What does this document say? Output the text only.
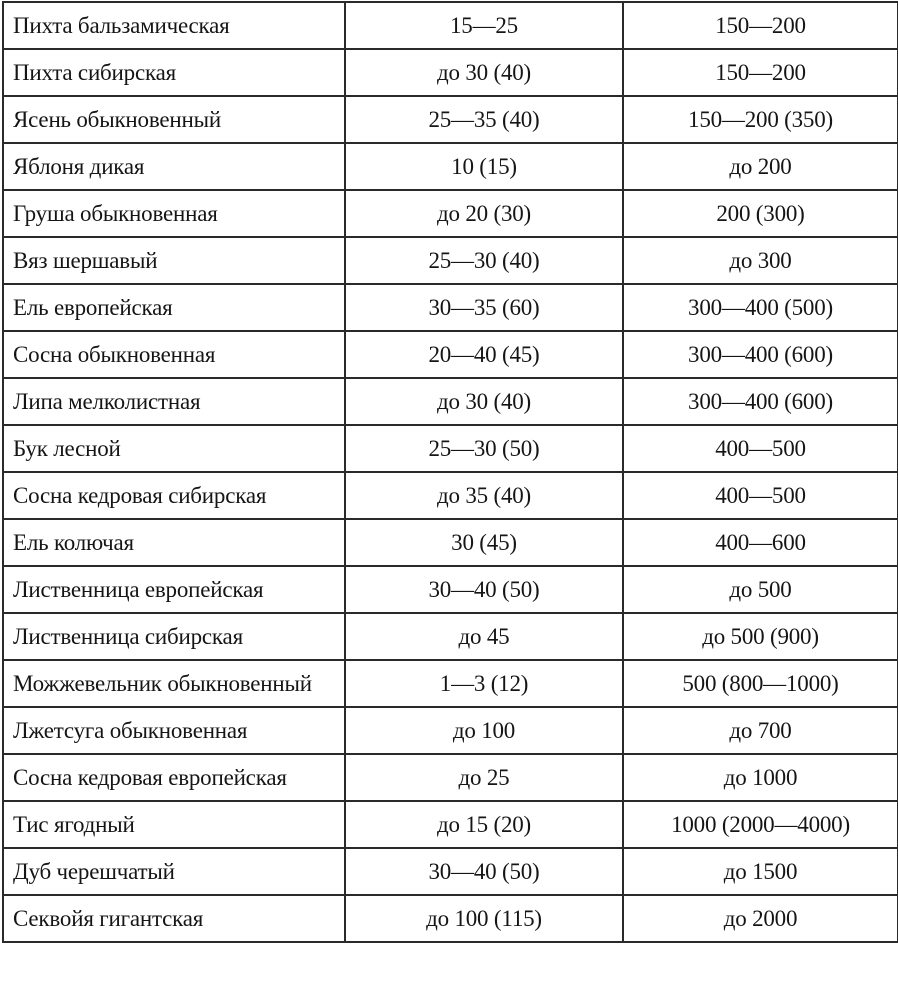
Пихта бальзамическая	15—25	150—200
Пихта сибирская	до 30 (40)	150—200
Ясень обыкновенный	25—35 (40)	150—200 (350)
Яблоня дикая	10 (15)	до 200
Груша обыкновенная	до 20 (30)	200 (300)
Вяз шершавый	25—30 (40)	до 300
Ель европейская	30—35 (60)	300—400 (500)
Сосна обыкновенная	20—40 (45)	300—400 (600)
Липа мелколистная	до 30 (40)	300—400 (600)
Бук лесной	25—30 (50)	400—500
Сосна кедровая сибирская	до 35 (40)	400—500
Ель колючая	30 (45)	400—600
Лиственница европейская	30—40 (50)	до 500
Лиственница сибирская	до 45	до 500 (900)
Можжевельник обыкновенный	1—3 (12)	500 (800—1000)
Лжетсуга обыкновенная	до 100	до 700
Сосна кедровая европейская	до 25	до 1000
Тис ягодный	до 15 (20)	1000 (2000—4000)
Дуб черешчатый	30—40 (50)	до 1500
Секвойя гигантская	до 100 (115)	до 2000
